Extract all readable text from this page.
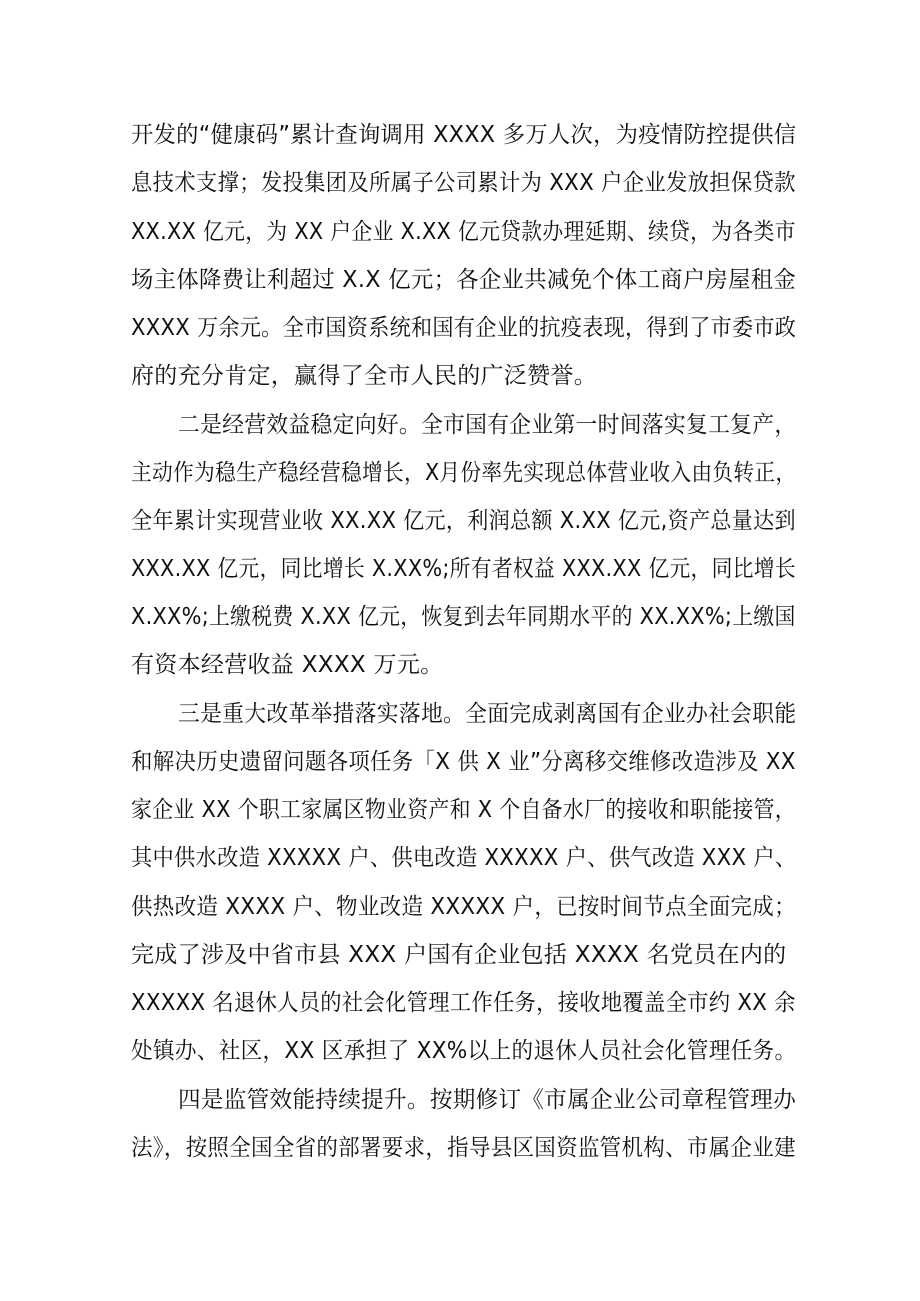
开发的“健康码”累计查询调用 XXXX 多万人次，为疫情防控提供信
息技术支撑；发投集团及所属子公司累计为 XXX 户企业发放担保贷款
XX.XX 亿元，为 XX 户企业 X.XX 亿元贷款办理延期、续贷，为各类市
场主体降费让利超过 X.X 亿元；各企业共减免个体工商户房屋租金
XXXX 万余元。全市国资系统和国有企业的抗疫表现，得到了市委市政
府的充分肯定，赢得了全市人民的广泛赞誉。
二是经营效益稳定向好。全市国有企业第一时间落实复工复产，
主动作为稳生产稳经营稳增长，X月份率先实现总体营业收入由负转正，
全年累计实现营业收 XX.XX 亿元，利润总额 X.XX 亿元,资产总量达到
XXX.XX 亿元，同比增长 X.XX%;所有者权益 XXX.XX 亿元，同比增长
X.XX%;上缴税费 X.XX 亿元，恢复到去年同期水平的 XX.XX%;上缴国
有资本经营收益 XXXX 万元。
三是重大改革举措落实落地。全面完成剥离国有企业办社会职能
和解决历史遗留问题各项任务「X 供 X 业”分离移交维修改造涉及 XX
家企业 XX 个职工家属区物业资产和 X 个自备水厂的接收和职能接管，
其中供水改造 XXXXX 户、供电改造 XXXXX 户、供气改造 XXX 户、
供热改造 XXXX 户、物业改造 XXXXX 户，已按时间节点全面完成；
完成了涉及中省市县 XXX 户国有企业包括 XXXX 名党员在内的
XXXXX 名退休人员的社会化管理工作任务，接收地覆盖全市约 XX 余
处镇办、社区，XX 区承担了 XX%以上的退休人员社会化管理任务。
四是监管效能持续提升。按期修订《市属企业公司章程管理办
法》，按照全国全省的部署要求，指导县区国资监管机构、市属企业建
